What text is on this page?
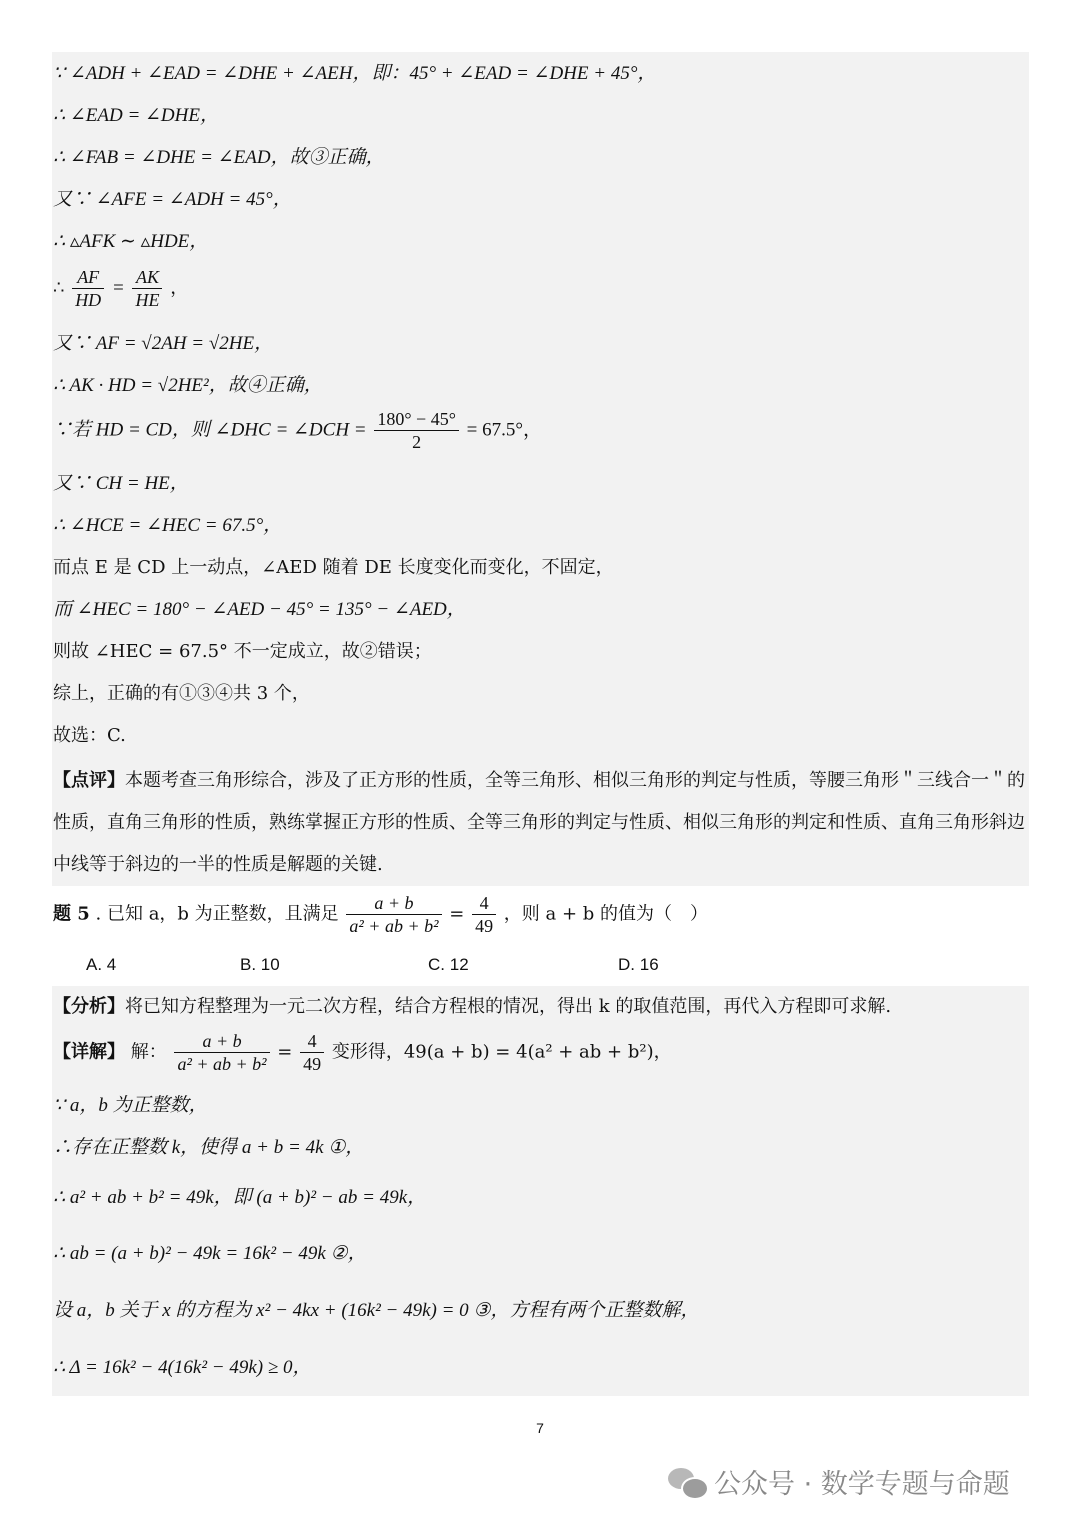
∵ ∠ADH + ∠EAD = ∠DHE + ∠AEH，即：45° + ∠EAD = ∠DHE + 45°，
∴ ∠EAD = ∠DHE，
∴ ∠FAB = ∠DHE = ∠EAD，故③正确，
又∵ ∠AFE = ∠ADH = 45°，
∴ ▵AFK ∼ ▵HDE，
∴ $\frac{AF}{HD} = \frac{AK}{HE}$ ，
又∵ AF = √2AH = √2HE，
∴ AK · HD = √2HE²，故④正确，
∵若 HD = CD，则 ∠DHC = ∠DCH = $\frac{180^\circ - 45^\circ}{2} = 67.5^\circ$，
又∵ CH = HE，
∴ ∠HCE = ∠HEC = 67.5°，
而点 E 是 CD 上一动点，∠AED 随着 DE 长度变化而变化，不固定，
而 ∠HEC = 180° − ∠AED − 45° = 135° − ∠AED，
则故 ∠HEC = 67.5° 不一定成立，故②错误；
综上，正确的有①③④共 3 个，
故选：C.
【点评】本题考查三角形综合，涉及了正方形的性质，全等三角形、相似三角形的判定与性质，等腰三角形＂三线合一＂的性质，直角三角形的性质，熟练掌握正方形的性质、全等三角形的判定与性质、相似三角形的判定和性质、直角三角形斜边中线等于斜边的一半的性质是解题的关键.
题 5 . 已知 a，b 为正整数，且满足 $\frac{a + b}{\text{a² + ab + b²}} = \frac{4}{49}$ ，则 a + b 的值为（　）
A. 4	B. 10	C. 12	D. 16
【分析】将已知方程整理为一元二次方程，结合方程根的情况，得出 k 的取值范围，再代入方程即可求解.
【详解】 解： $\frac{a + b}{\text{a² + ab + b²}} = \frac{4}{49}$ 变形得，49(a + b) = 4(a² + ab + b²)，
∵ a，b 为正整数，
∴存在正整数 k，使得 a + b = 4k ①，
∴ a² + ab + b² = 49k，即 (a + b)² − ab = 49k，
∴ ab = (a + b)² − 49k = 16k² − 49k ②，
设 a，b 关于 x 的方程为 x² − 4kx + (16k² − 49k) = 0 ③，方程有两个正整数解，
∴ Δ = 16k² − 4(16k² − 49k) ≥ 0，
7
公众号 · 数学专题与命题
